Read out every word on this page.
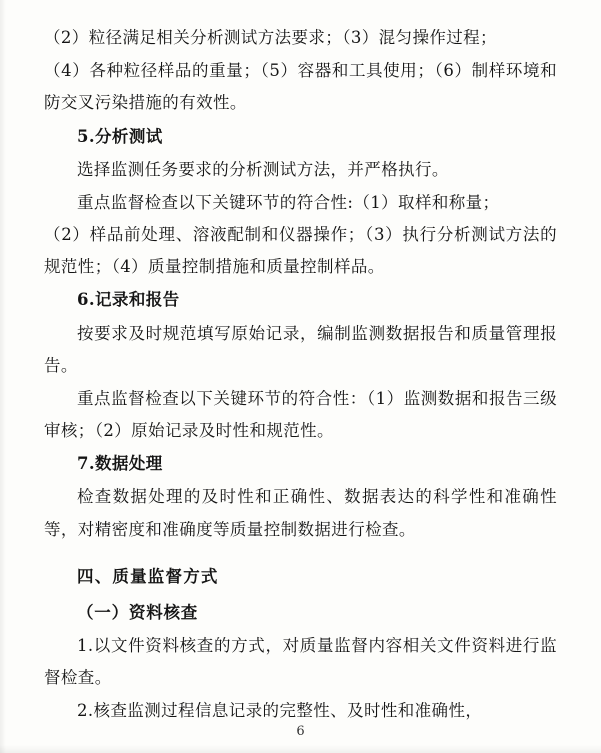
（2）粒径满足相关分析测试方法要求；（3）混匀操作过程；

（4）各种粒径样品的重量；（5）容器和工具使用；（6）制样环境和防交叉污染措施的有效性。

5.分析测试

选择监测任务要求的分析测试方法，并严格执行。

重点监督检查以下关键环节的符合性:（1）取样和称量；

（2）样品前处理、溶液配制和仪器操作；（3）执行分析测试方法的规范性；（4）质量控制措施和质量控制样品。

6.记录和报告

按要求及时规范填写原始记录，编制监测数据报告和质量管理报告。

重点监督检查以下关键环节的符合性：（1）监测数据和报告三级审核；（2）原始记录及时性和规范性。

7.数据处理

检查数据处理的及时性和正确性、数据表达的科学性和准确性等，对精密度和准确度等质量控制数据进行检查。

四、质量监督方式

（一）资料核查

1.以文件资料核查的方式，对质量监督内容相关文件资料进行监督检查。

2.核查监测过程信息记录的完整性、及时性和准确性，

6
